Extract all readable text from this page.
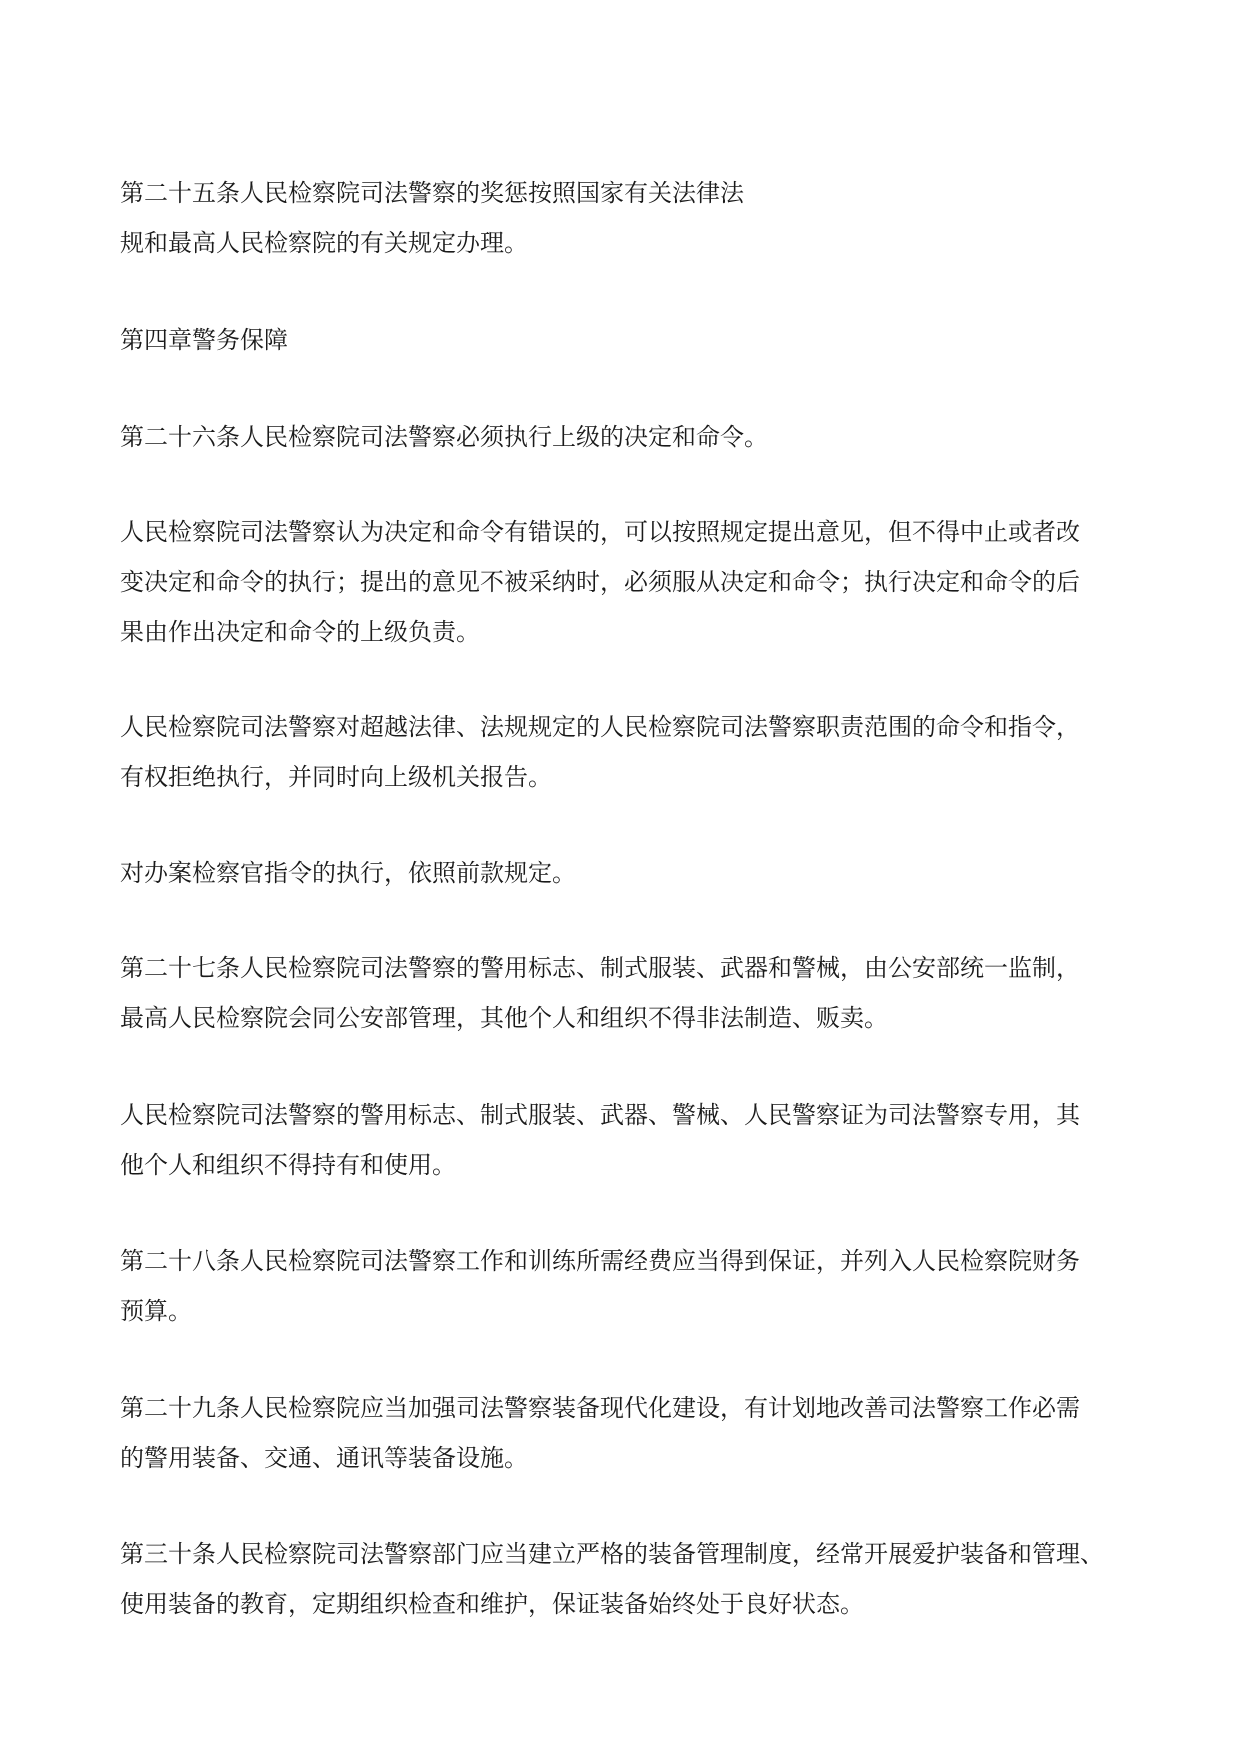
第二十五条人民检察院司法警察的奖惩按照国家有关法律法
规和最高人民检察院的有关规定办理。

第四章警务保障

第二十六条人民检察院司法警察必须执行上级的决定和命令。

人民检察院司法警察认为决定和命令有错误的，可以按照规定提出意见，但不得中止或者改
变决定和命令的执行；提出的意见不被采纳时，必须服从决定和命令；执行决定和命令的后
果由作出决定和命令的上级负责。

人民检察院司法警察对超越法律、法规规定的人民检察院司法警察职责范围的命令和指令，
有权拒绝执行，并同时向上级机关报告。

对办案检察官指令的执行，依照前款规定。

第二十七条人民检察院司法警察的警用标志、制式服装、武器和警械，由公安部统一监制，
最高人民检察院会同公安部管理，其他个人和组织不得非法制造、贩卖。

人民检察院司法警察的警用标志、制式服装、武器、警械、人民警察证为司法警察专用，其
他个人和组织不得持有和使用。

第二十八条人民检察院司法警察工作和训练所需经费应当得到保证，并列入人民检察院财务
预算。

第二十九条人民检察院应当加强司法警察装备现代化建设，有计划地改善司法警察工作必需
的警用装备、交通、通讯等装备设施。

第三十条人民检察院司法警察部门应当建立严格的装备管理制度，经常开展爱护装备和管理、
使用装备的教育，定期组织检查和维护，保证装备始终处于良好状态。
